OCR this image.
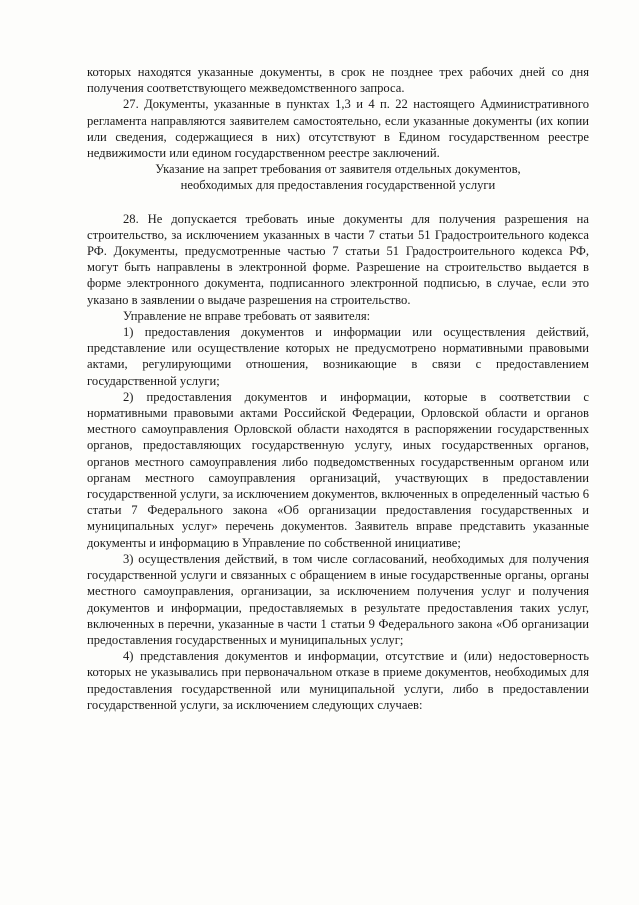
которых находятся указанные документы, в срок не позднее трех рабочих дней со дня получения соответствующего межведомственного запроса.

27. Документы, указанные в пунктах 1,3 и 4 п. 22 настоящего Административного регламента направляются заявителем самостоятельно, если указанные документы (их копии или сведения, содержащиеся в них) отсутствуют в Едином государственном реестре недвижимости или едином государственном реестре заключений.

Указание на запрет требования от заявителя отдельных документов,

необходимых для предоставления государственной услуги

28. Не допускается требовать иные документы для получения разрешения на строительство, за исключением указанных в части 7 статьи 51 Градостроительного кодекса РФ. Документы, предусмотренные частью 7 статьи 51 Градостроительного кодекса РФ, могут быть направлены в электронной форме. Разрешение на строительство выдается в форме электронного документа, подписанного электронной подписью, в случае, если это указано в заявлении о выдаче разрешения на строительство.

Управление не вправе требовать от заявителя:

1) предоставления документов и информации или осуществления действий, представление или осуществление которых не предусмотрено нормативными правовыми актами, регулирующими отношения, возникающие в связи с предоставлением государственной услуги;

2) предоставления документов и информации, которые в соответствии с нормативными правовыми актами Российской Федерации, Орловской области и органов местного самоуправления Орловской области находятся в распоряжении государственных органов, предоставляющих государственную услугу, иных государственных органов, органов местного самоуправления либо подведомственных государственным органом или органам местного самоуправления организаций, участвующих в предоставлении государственной услуги, за исключением документов, включенных в определенный частью 6 статьи 7 Федерального закона «Об организации предоставления государственных и муниципальных услуг» перечень документов. Заявитель вправе представить указанные документы и информацию в Управление по собственной инициативе;

3) осуществления действий, в том числе согласований, необходимых для получения государственной услуги и связанных с обращением в иные государственные органы, органы местного самоуправления, организации, за исключением получения услуг и получения документов и информации, предоставляемых в результате предоставления таких услуг, включенных в перечни, указанные в части 1 статьи 9 Федерального закона «Об организации предоставления государственных и муниципальных услуг;

4) представления документов и информации, отсутствие и (или) недостоверность которых не указывались при первоначальном отказе в приеме документов, необходимых для предоставления государственной или муниципальной услуги, либо в предоставлении государственной услуги, за исключением следующих случаев:
